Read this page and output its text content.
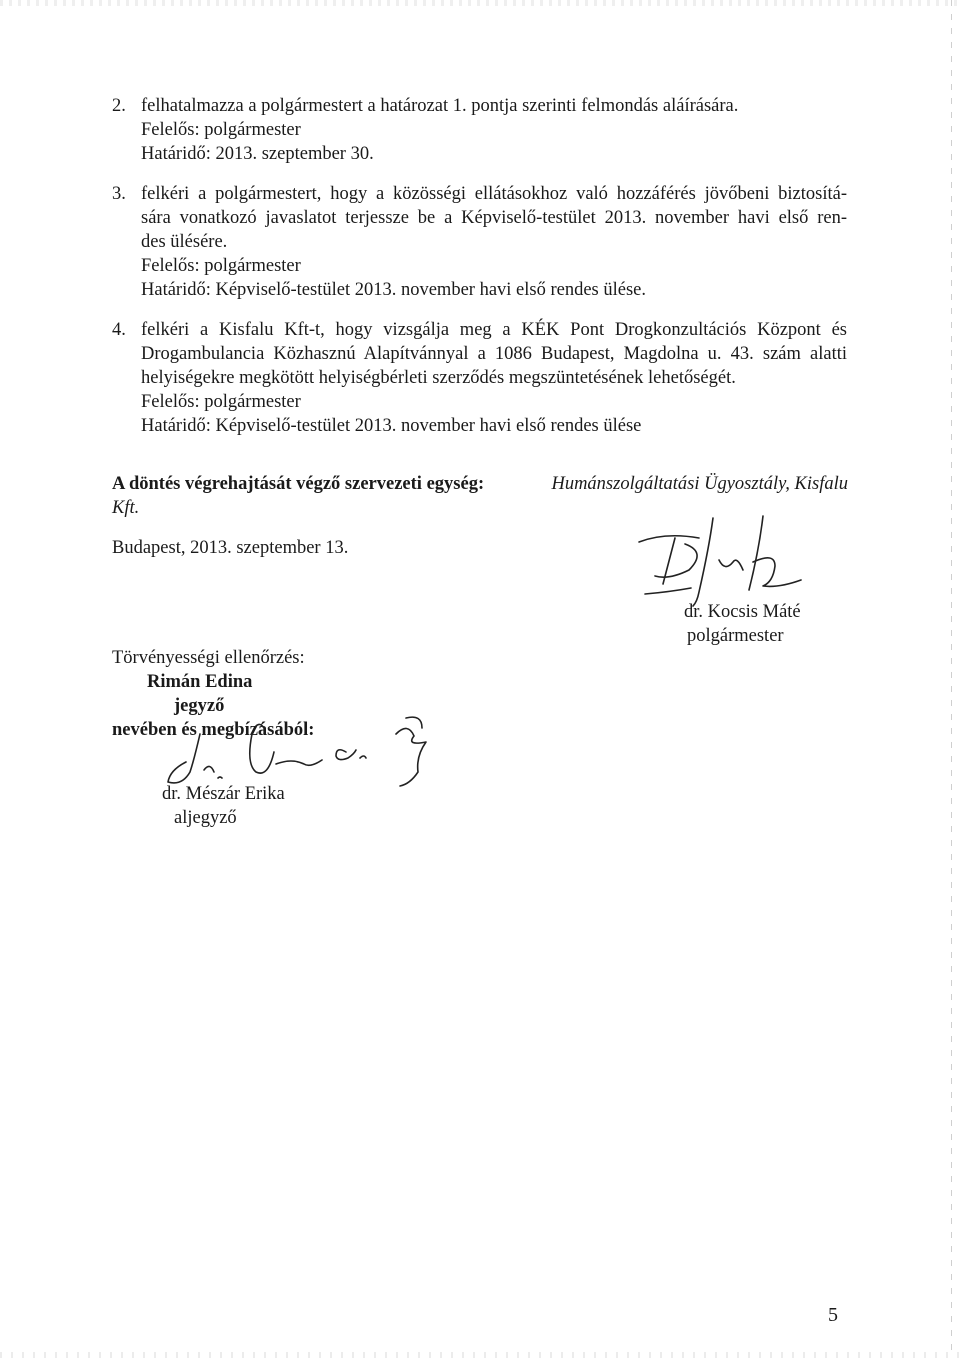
2. felhatalmazza a polgármestert a határozat 1. pontja szerinti felmondás aláírására.
Felelős: polgármester
Határidő: 2013. szeptember 30.
3. felkéri a polgármestert, hogy a közösségi ellátásokhoz való hozzáférés jövőbeni biztosítá-
sára vonatkozó javaslatot terjessze be a Képviselő-testület 2013. november havi első ren-
des ülésére.
Felelős: polgármester
Határidő: Képviselő-testület 2013. november havi első rendes ülése.
4. felkéri a Kisfalu Kft-t, hogy vizsgálja meg a KÉK Pont Drogkonzultációs Központ és
Drogambulancia Közhasznú Alapítvánnyal a 1086 Budapest, Magdolna u. 43. szám alatti
helyiségekre megkötött helyiségbérleti szerződés megszüntetésének lehetőségét.
Felelős: polgármester
Határidő: Képviselő-testület 2013. november havi első rendes ülése
A döntés végrehajtását végző szervezeti egység:	Humánszolgáltatási Ügyosztály, Kisfalu
Kft.
Budapest, 2013. szeptember 13.
dr. Kocsis Máté
polgármester
Törvényességi ellenőrzés:
Rimán Edina
jegyző
nevében és megbízásából:
dr. Mészár Erika
aljegyző
5
